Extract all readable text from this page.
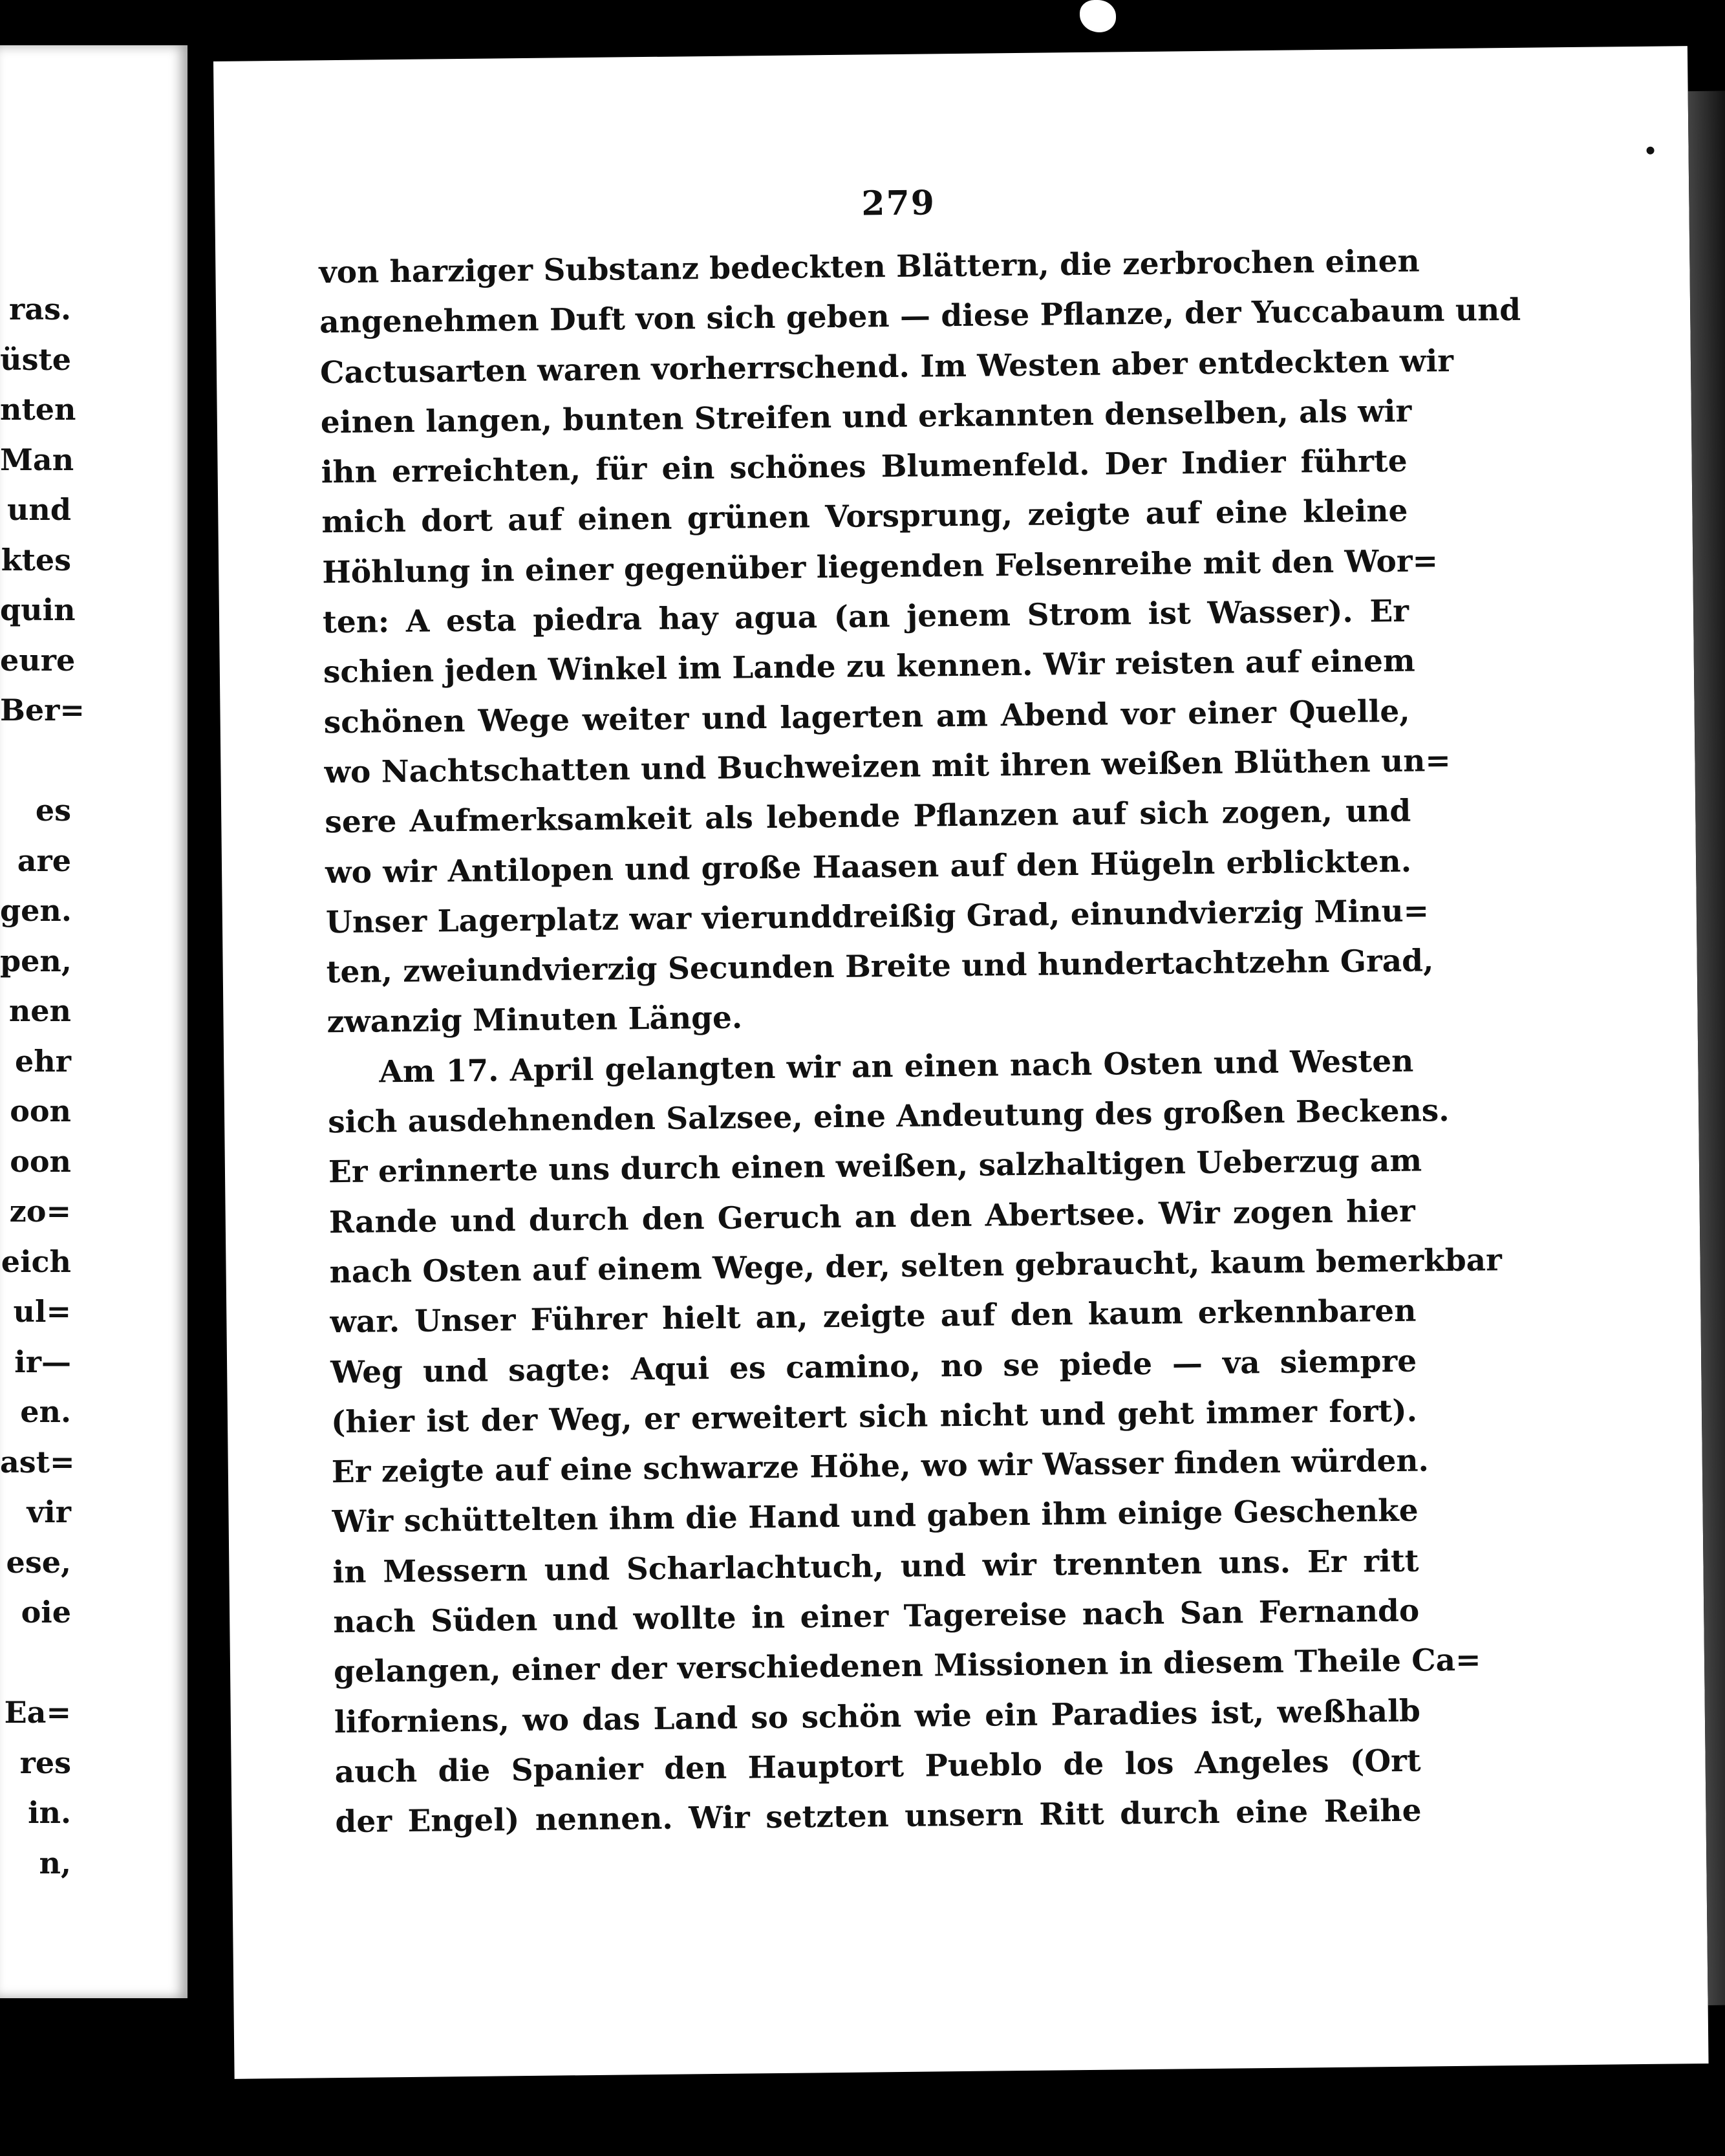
ras.
üste
nten
Man
und
ktes
quin
eure
Ber=
es
are
gen.
pen,
nen
ehr
oon
oon
zo=
eich
ul=
ir—
en.
ast=
vir
ese,
oie
Ea=
res
in.
n,
279
von harziger Substanz bedeckten Blättern, die zerbrochen einen
angenehmen Duft von sich geben — diese Pflanze, der Yuccabaum und
Cactusarten waren vorherrschend. Im Westen aber entdeckten wir
einen langen, bunten Streifen und erkannten denselben, als wir
ihn erreichten, für ein schönes Blumenfeld. Der Indier führte
mich dort auf einen grünen Vorsprung, zeigte auf eine kleine
Höhlung in einer gegenüber liegenden Felsenreihe mit den Wor=
ten: A esta piedra hay agua (an jenem Strom ist Wasser). Er
schien jeden Winkel im Lande zu kennen. Wir reisten auf einem
schönen Wege weiter und lagerten am Abend vor einer Quelle,
wo Nachtschatten und Buchweizen mit ihren weißen Blüthen un=
sere Aufmerksamkeit als lebende Pflanzen auf sich zogen, und
wo wir Antilopen und große Haasen auf den Hügeln erblickten.
Unser Lagerplatz war vierunddreißig Grad, einundvierzig Minu=
ten, zweiundvierzig Secunden Breite und hundertachtzehn Grad,
zwanzig Minuten Länge.
Am 17. April gelangten wir an einen nach Osten und Westen
sich ausdehnenden Salzsee, eine Andeutung des großen Beckens.
Er erinnerte uns durch einen weißen, salzhaltigen Ueberzug am
Rande und durch den Geruch an den Abertsee. Wir zogen hier
nach Osten auf einem Wege, der, selten gebraucht, kaum bemerkbar
war. Unser Führer hielt an, zeigte auf den kaum erkennbaren
Weg und sagte: Aqui es camino, no se piede — va siempre
(hier ist der Weg, er erweitert sich nicht und geht immer fort).
Er zeigte auf eine schwarze Höhe, wo wir Wasser finden würden.
Wir schüttelten ihm die Hand und gaben ihm einige Geschenke
in Messern und Scharlachtuch, und wir trennten uns. Er ritt
nach Süden und wollte in einer Tagereise nach San Fernando
gelangen, einer der verschiedenen Missionen in diesem Theile Ca=
liforniens, wo das Land so schön wie ein Paradies ist, weßhalb
auch die Spanier den Hauptort Pueblo de los Angeles (Ort
der Engel) nennen. Wir setzten unsern Ritt durch eine Reihe
